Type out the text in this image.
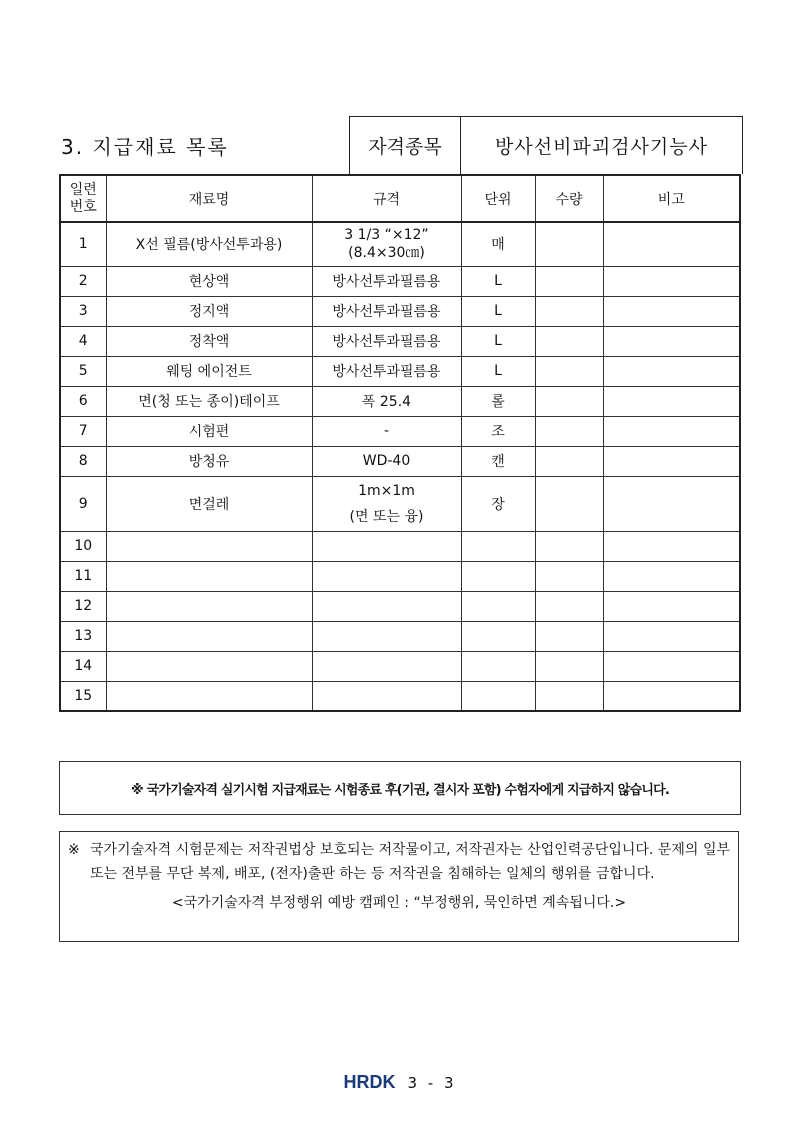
3. 지급재료 목록	자격종목	방사선비파괴검사기능사
일련
번호	재료명	규격	단위	수량	비고
1	X선 필름(방사선투과용)	3 1/3 “×12”
(8.4×30㎝)	매		
2	현상액	방사선투과필름용	L		
3	정지액	방사선투과필름용	L		
4	정착액	방사선투과필름용	L		
5	웨팅 에이전트	방사선투과필름용	L		
6	면(청 또는 종이)테이프	폭 25.4	롤		
7	시험편	-	조		
8	방청유	WD-40	캔		
9	면걸레	1m×1m
(면 또는 융)	장		
10					
11					
12					
13					
14					
15					
※ 국가기술자격 실기시험 지급재료는 시험종료 후(기권, 결시자 포함) 수험자에게 지급하지 않습니다.
※ 국가기술자격 시험문제는 저작권법상 보호되는 저작물이고, 저작권자는 산업인력공단입니다. 문제의 일부 또는 전부를 무단 복제, 배포, (전자)출판 하는 등 저작권을 침해하는 일체의 행위를 금합니다.
<국가기술자격 부정행위 예방 캠페인 : “부정행위, 묵인하면 계속됩니다.>
HRDK 3 - 3
